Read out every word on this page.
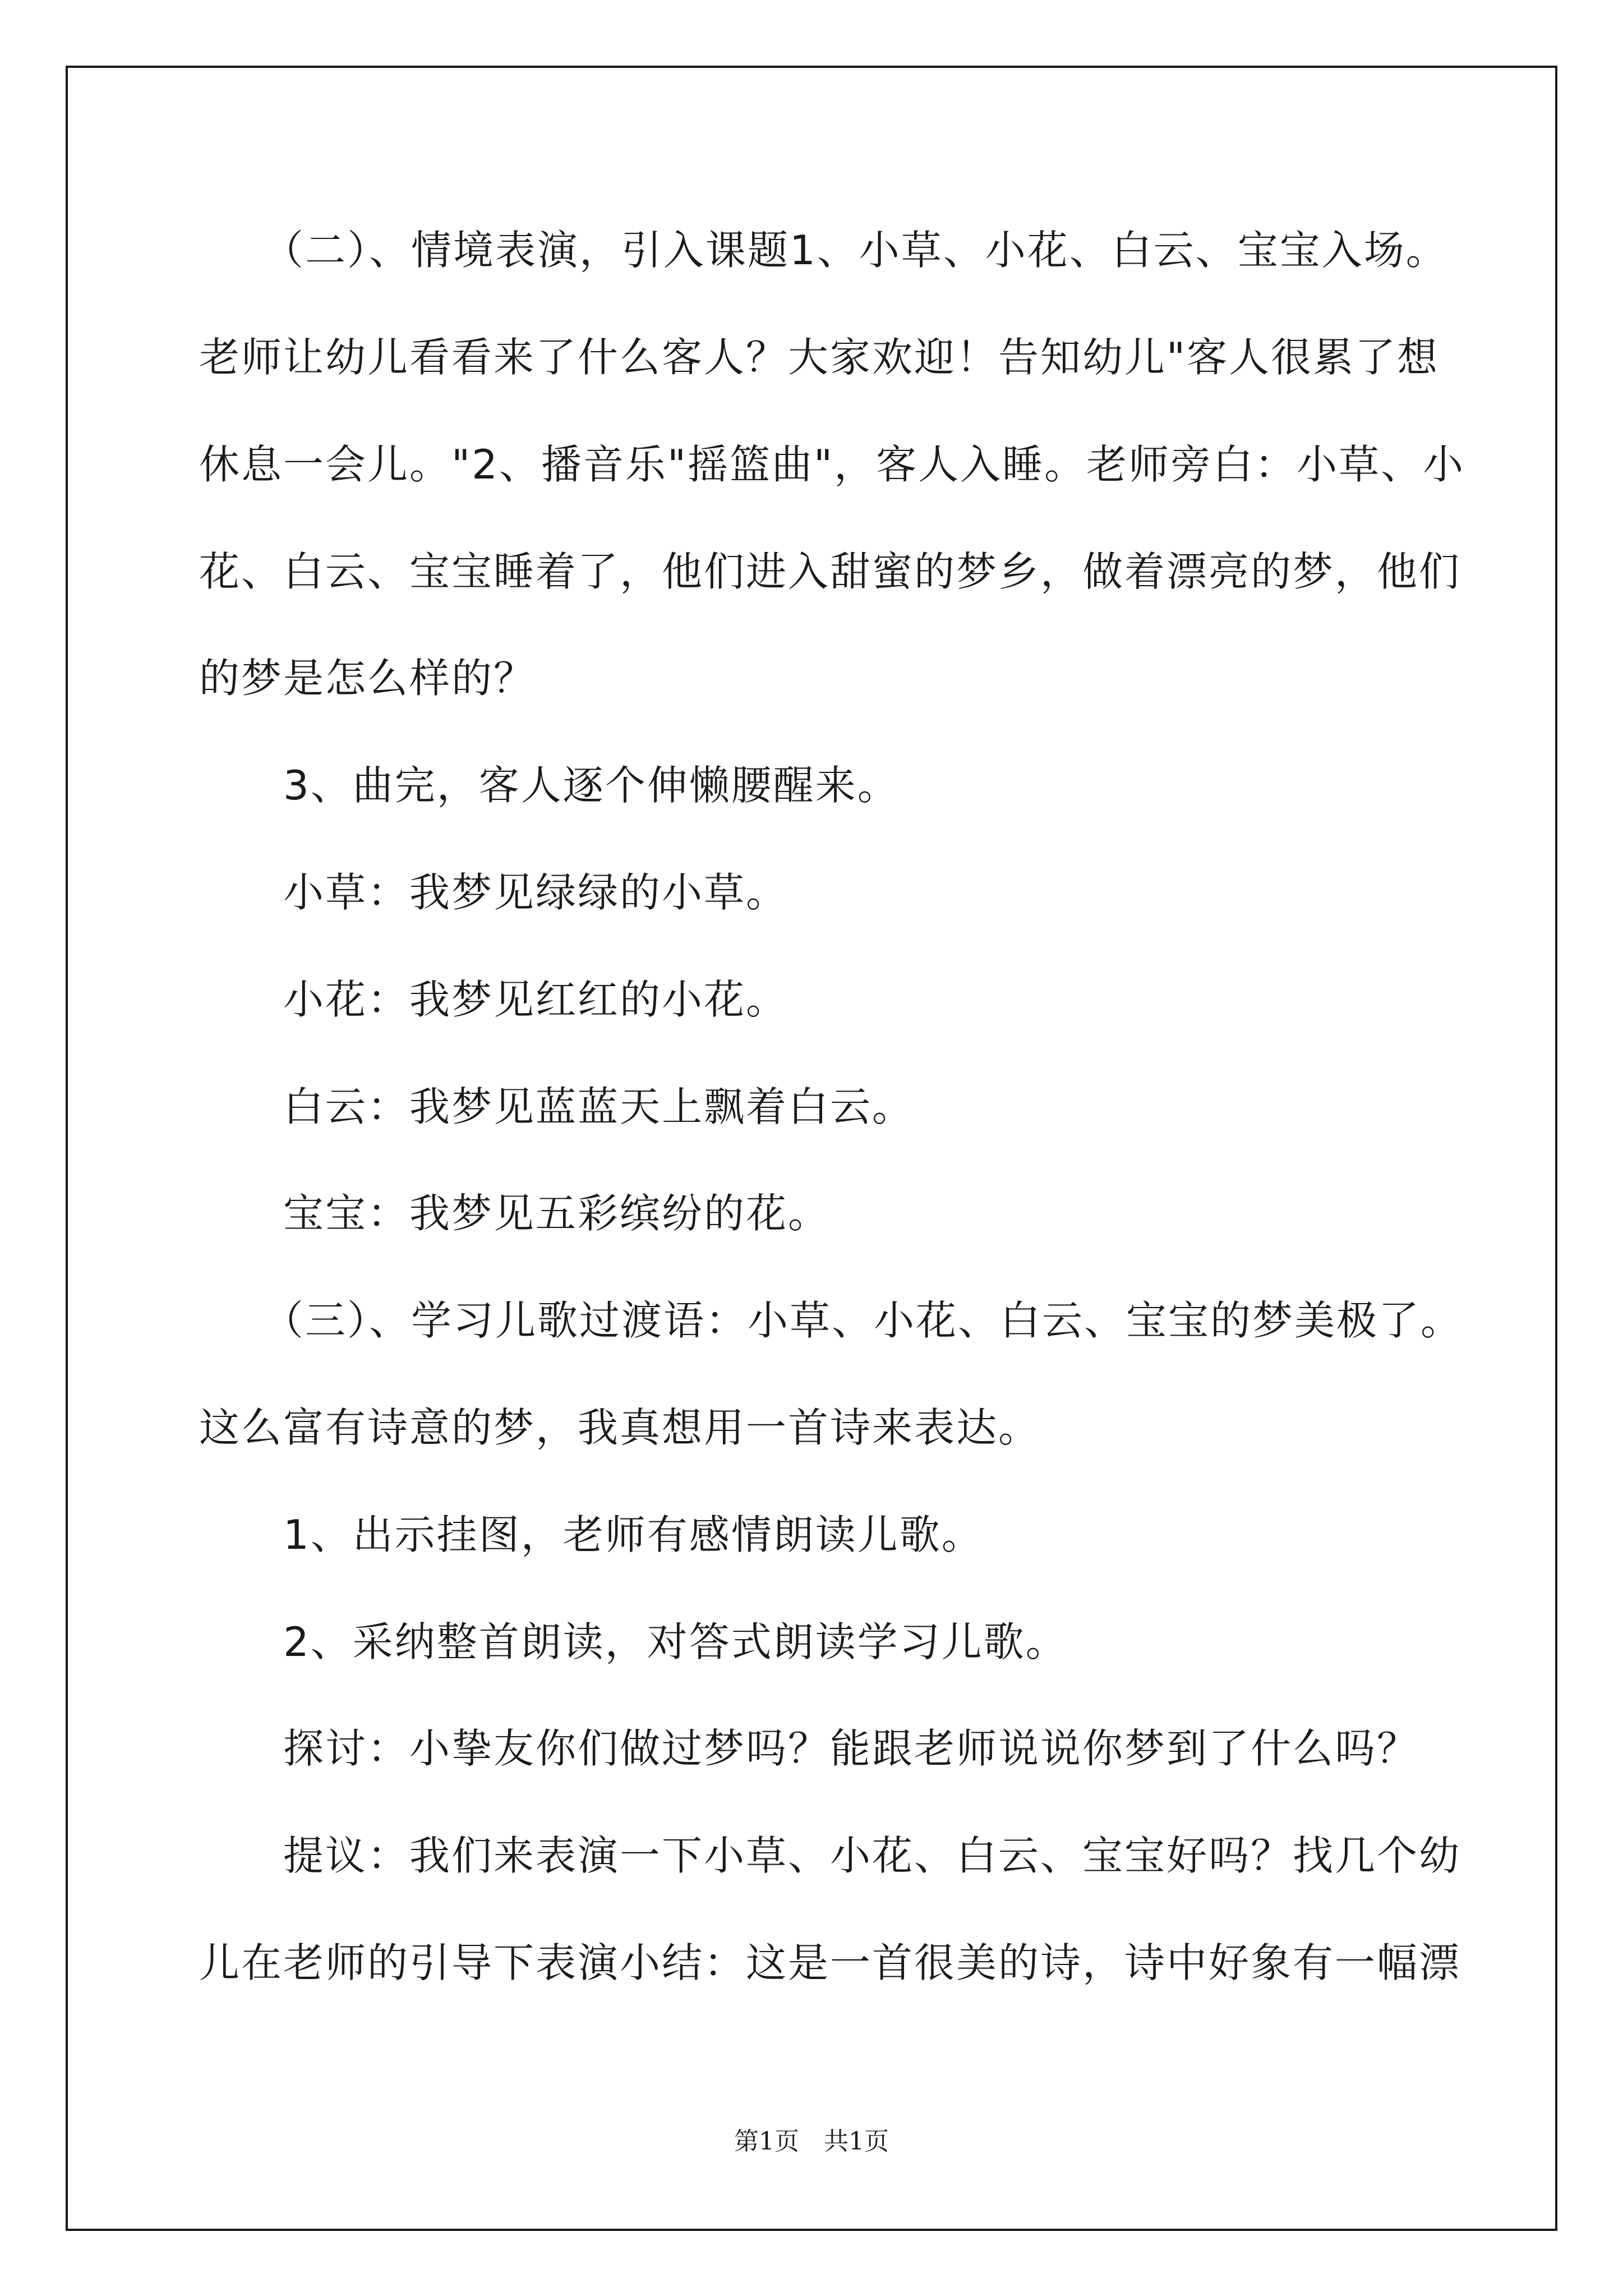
　　（二）、情境表演，引入课题1、小草、小花、白云、宝宝入场。
老师让幼儿看看来了什么客人？大家欢迎！告知幼儿"客人很累了想
休息一会儿。"2、播音乐"摇篮曲"，客人入睡。老师旁白：小草、小
花、白云、宝宝睡着了，他们进入甜蜜的梦乡，做着漂亮的梦，他们
的梦是怎么样的？
　　3、曲完，客人逐个伸懒腰醒来。
　　小草：我梦见绿绿的小草。
　　小花：我梦见红红的小花。
　　白云：我梦见蓝蓝天上飘着白云。
　　宝宝：我梦见五彩缤纷的花。
　　（三）、学习儿歌过渡语：小草、小花、白云、宝宝的梦美极了。
这么富有诗意的梦，我真想用一首诗来表达。
　　1、出示挂图，老师有感情朗读儿歌。
　　2、采纳整首朗读，对答式朗读学习儿歌。
　　探讨：小挚友你们做过梦吗？能跟老师说说你梦到了什么吗？
　　提议：我们来表演一下小草、小花、白云、宝宝好吗？找几个幼
儿在老师的引导下表演小结：这是一首很美的诗，诗中好象有一幅漂
第1页　共1页
